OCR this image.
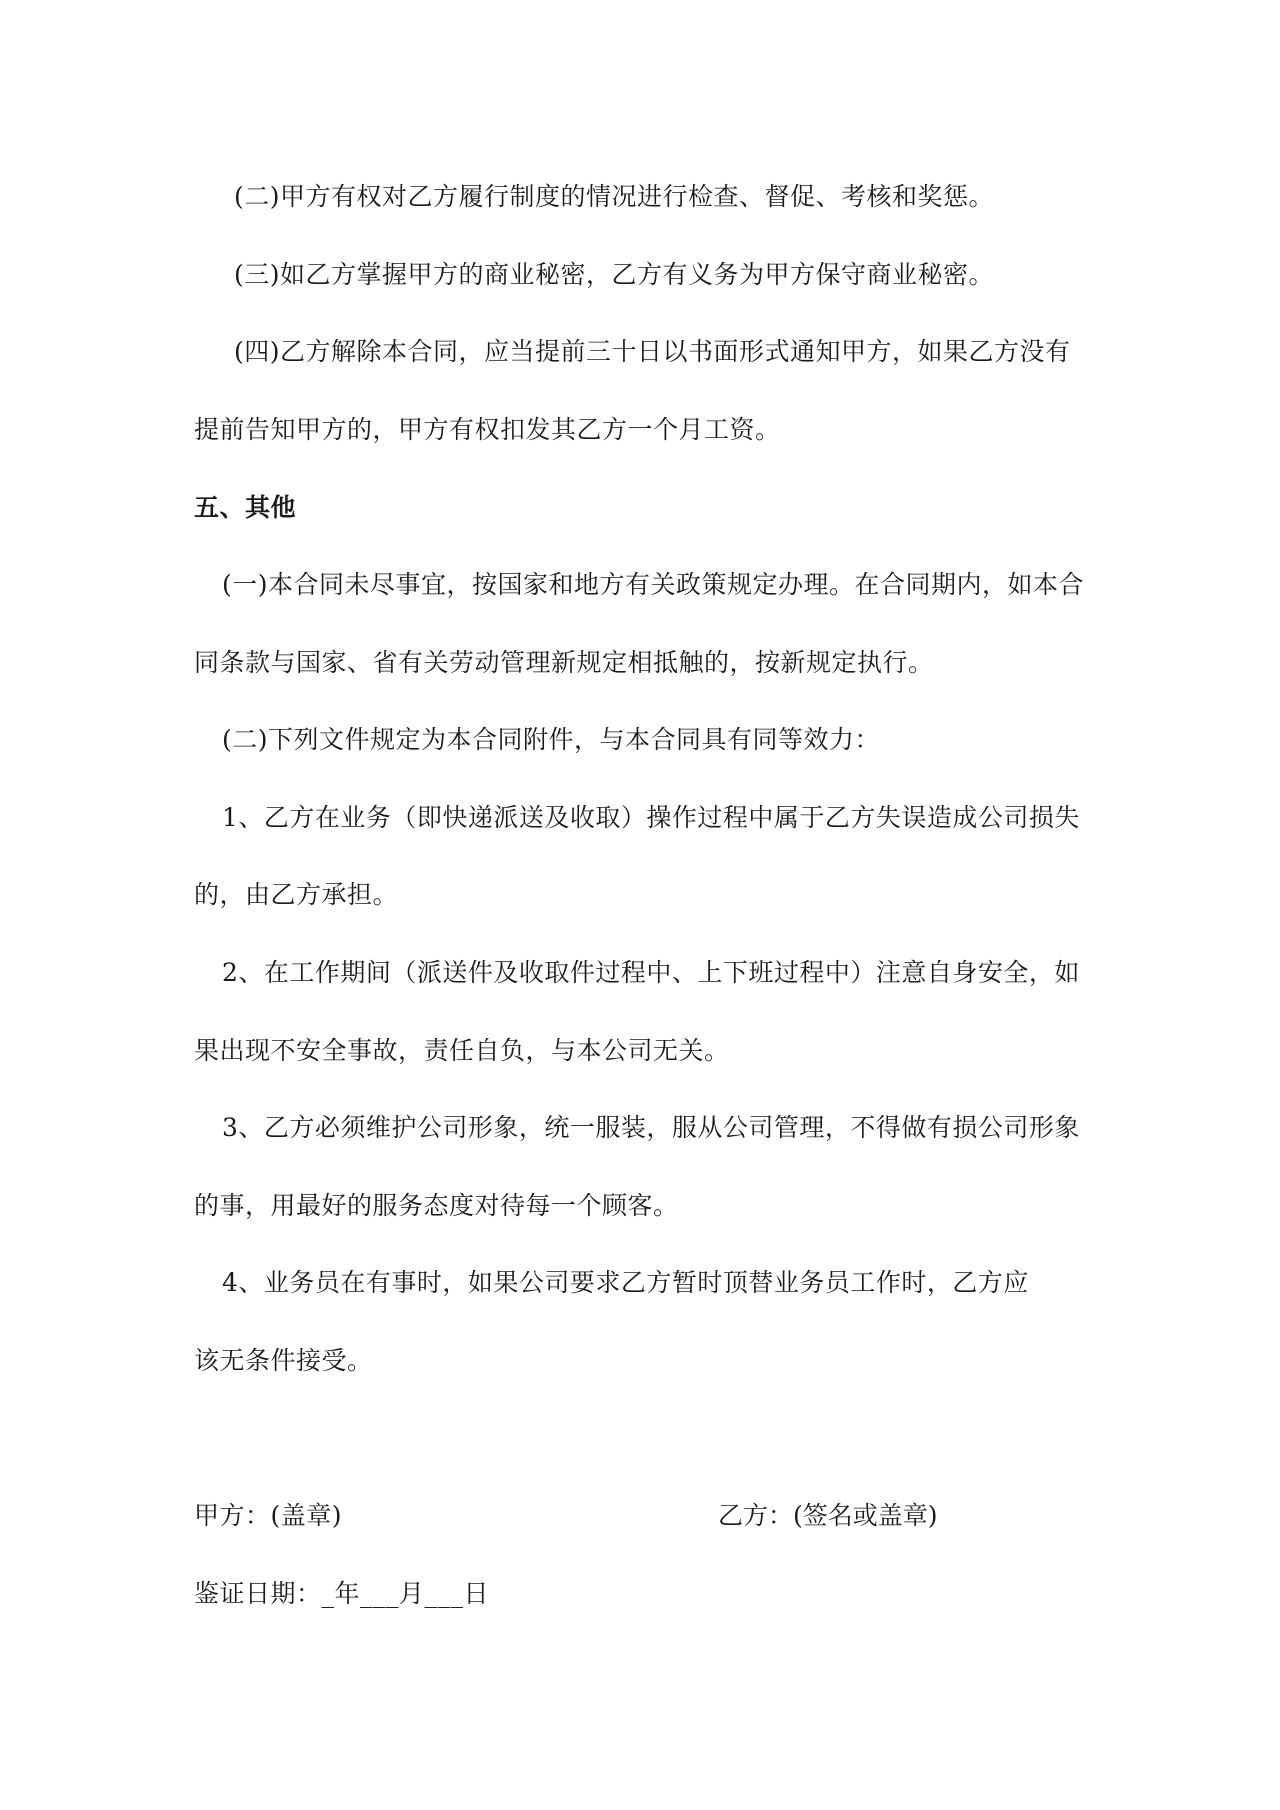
(二)甲方有权对乙方履行制度的情况进行检查、督促、考核和奖惩。
(三)如乙方掌握甲方的商业秘密，乙方有义务为甲方保守商业秘密。
(四)乙方解除本合同，应当提前三十日以书面形式通知甲方，如果乙方没有
提前告知甲方的，甲方有权扣发其乙方一个月工资。
五、其他
(一)本合同未尽事宜，按国家和地方有关政策规定办理。在合同期内，如本合
同条款与国家、省有关劳动管理新规定相抵触的，按新规定执行。
(二)下列文件规定为本合同附件，与本合同具有同等效力：
1、乙方在业务（即快递派送及收取）操作过程中属于乙方失误造成公司损失
的，由乙方承担。
2、在工作期间（派送件及收取件过程中、上下班过程中）注意自身安全，如
果出现不安全事故，责任自负，与本公司无关。
3、乙方必须维护公司形象，统一服装，服从公司管理，不得做有损公司形象
的事，用最好的服务态度对待每一个顾客。
4、业务员在有事时，如果公司要求乙方暂时顶替业务员工作时，乙方应
该无条件接受。
甲方：(盖章)	乙方：(签名或盖章)
鉴证日期：_年___月___日
